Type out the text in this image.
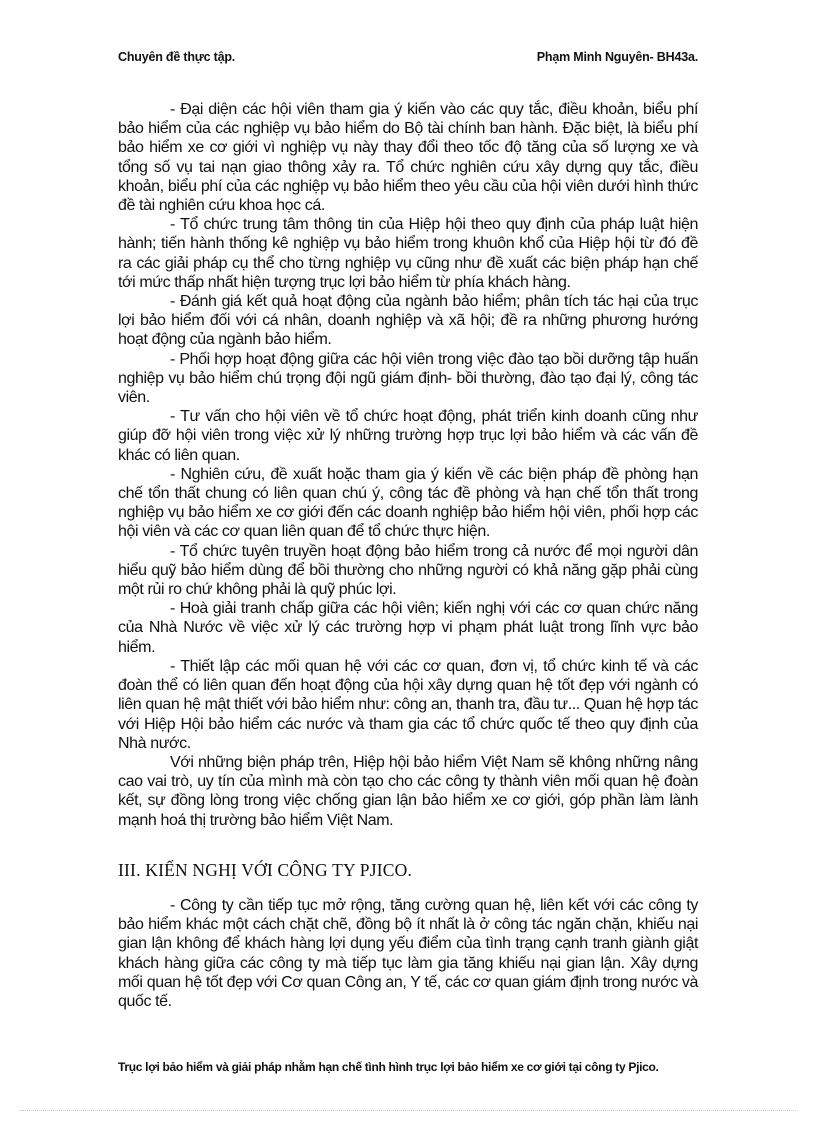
Chuyên đề thực tập.	Phạm Minh Nguyên- BH43a.

- Đại diện các hội viên tham gia ý kiến vào các quy tắc, điều khoản, biểu phí bảo hiểm của các nghiệp vụ bảo hiểm do Bộ tài chính ban hành. Đặc biệt, là biểu phí bảo hiểm xe cơ giới vì nghiệp vụ này thay đổi theo tốc độ tăng của số lượng xe và tổng số vụ tai nạn giao thông xảy ra. Tổ chức nghiên cứu xây dựng quy tắc, điều khoản, biểu phí của các nghiệp vụ bảo hiểm theo yêu cầu của hội viên dưới hình thức đề tài nghiên cứu khoa học cá.

- Tổ chức trung tâm thông tin của Hiệp hội theo quy định của pháp luật hiện hành; tiến hành thống kê nghiệp vụ bảo hiểm trong khuôn khổ của Hiệp hội từ đó đề ra các giải pháp cụ thể cho từng nghiệp vụ cũng như đề xuất các biện pháp hạn chế tới mức thấp nhất hiện tượng trục lợi bảo hiểm từ phía khách hàng.

- Đánh giá kết quả hoạt động của ngành bảo hiểm; phân tích tác hại của trục lợi bảo hiểm đối với cá nhân, doanh nghiệp và xã hội; đề ra những phương hướng hoạt động của ngành bảo hiểm.

- Phối hợp hoạt động giữa các hội viên trong việc đào tạo bồi dưỡng tập huấn nghiệp vụ bảo hiểm chú trọng đội ngũ giám định- bồi thường, đào tạo đại lý, công tác viên.

- Tư vấn cho hội viên về tổ chức hoạt động, phát triển kinh doanh cũng như giúp đỡ hội viên trong việc xử lý những trường hợp trục lợi bảo hiểm và các vấn đề khác có liên quan.

- Nghiên cứu, đề xuất hoặc tham gia ý kiến về các biện pháp đề phòng hạn chế tổn thất chung có liên quan chú ý, công tác đề phòng và hạn chế tổn thất trong nghiệp vụ bảo hiểm xe cơ giới đến các doanh nghiệp bảo hiểm hội viên, phối hợp các hội viên và các cơ quan liên quan để tổ chức thực hiện.

- Tổ chức tuyên truyền hoạt động bảo hiểm trong cả nước để mọi người dân hiểu quỹ bảo hiểm dùng để bồi thường cho những người có khả năng gặp phải cùng một rủi ro chứ không phải là quỹ phúc lợi.

- Hoà giải tranh chấp giữa các hội viên; kiến nghị với các cơ quan chức năng của Nhà Nước về việc xử lý các trường hợp vi phạm phát luật trong lĩnh vực bảo hiểm.

- Thiết lập các mối quan hệ với các cơ quan, đơn vị, tổ chức kinh tế và các đoàn thể có liên quan đến hoạt động của hội xây dựng quan hệ tốt đẹp với ngành có liên quan hệ mật thiết với bảo hiểm như: công an, thanh tra, đầu tư... Quan hệ hợp tác với Hiệp Hội bảo hiểm các nước và tham gia các tổ chức quốc tế theo quy định của Nhà nước.

Với những biện pháp trên, Hiệp hội bảo hiểm Việt Nam sẽ không những nâng cao vai trò, uy tín của mình mà còn tạo cho các công ty thành viên mối quan hệ đoàn kết, sự đồng lòng trong việc chống gian lận bảo hiểm xe cơ giới, góp phần làm lành mạnh hoá thị trường bảo hiểm Việt Nam.

III. KIẾN NGHỊ VỚI CÔNG TY PJICO.

- Công ty cần tiếp tục mở rộng, tăng cường quan hệ, liên kết với các công ty bảo hiểm khác một cách chặt chẽ, đồng bộ ít nhất là ở công tác ngăn chặn, khiếu nại gian lận không để khách hàng lợi dụng yếu điểm của tình trạng cạnh tranh giành giật khách hàng giữa các công ty mà tiếp tục làm gia tăng khiếu nại gian lận. Xây dựng mối quan hệ tốt đẹp với Cơ quan Công an, Y tế, các cơ quan giám định trong nước và quốc tế.

Trục lợi bảo hiểm và giải pháp nhằm hạn chế tình hình trục lợi bảo hiểm xe cơ giới tại công ty Pjico.
